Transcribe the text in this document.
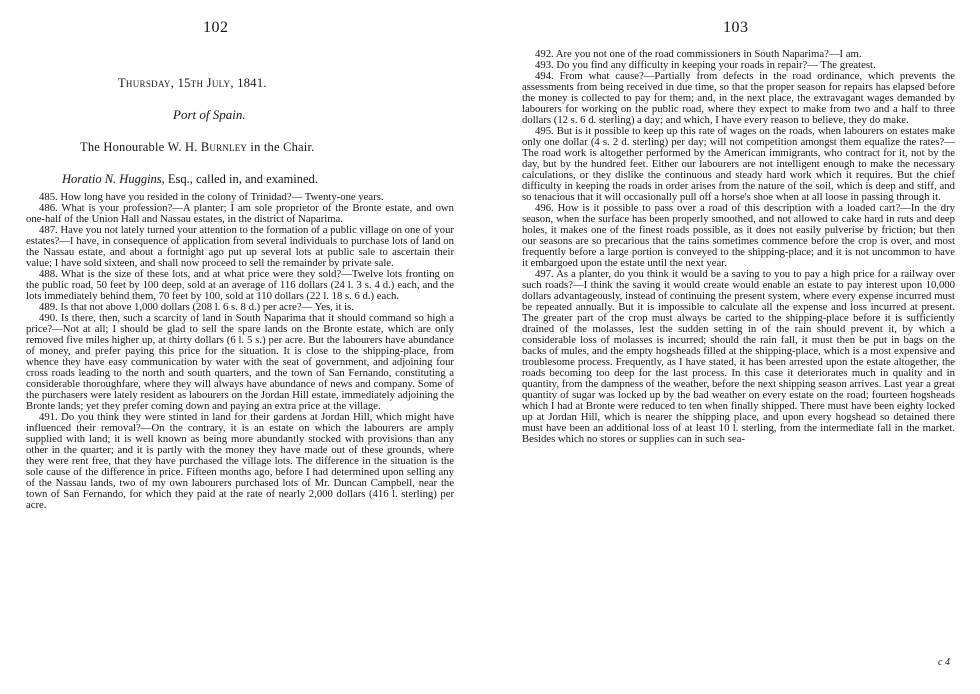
102
Thursday, 15th July, 1841.
Port of Spain.
The Honourable W. H. Burnley in the Chair.
Horatio N. Huggins, Esq., called in, and examined.

485. How long have you resided in the colony of Trinidad?— Twenty-one years.

486. What is your profession?—A planter; I am sole proprietor of the Bronte estate, and own one-half of the Union Hall and Nassau estates, in the district of Naparima.

487. Have you not lately turned your attention to the formation of a public village on one of your estates?—I have, in consequence of application from several individuals to purchase lots of land on the Nassau estate, and about a fortnight ago put up several lots at public sale to ascertain their value; I have sold sixteen, and shall now proceed to sell the remainder by private sale.

488. What is the size of these lots, and at what price were they sold?—Twelve lots fronting on the public road, 50 feet by 100 deep, sold at an average of 116 dollars (24 l. 3 s. 4 d.) each, and the lots immediately behind them, 70 feet by 100, sold at 110 dollars (22 l. 18 s. 6 d.) each.

489. Is that not above 1,000 dollars (208 l. 6 s. 8 d.) per acre?— Yes, it is.

490. Is there, then, such a scarcity of land in South Naparima that it should command so high a price?—Not at all; I should be glad to sell the spare lands on the Bronte estate, which are only removed five miles higher up, at thirty dollars (6 l. 5 s.) per acre. But the labourers have abundance of money, and prefer paying this price for the situation. It is close to the shipping-place, from whence they have easy communication by water with the seat of government, and adjoining four cross roads leading to the north and south quarters, and the town of San Fernando, constituting a considerable thoroughfare, where they will always have abundance of news and company. Some of the purchasers were lately resident as labourers on the Jordan Hill estate, immediately adjoining the Bronte lands; yet they prefer coming down and paying an extra price at the village.

491. Do you think they were stinted in land for their gardens at Jordan Hill, which might have influenced their removal?—On the contrary, it is an estate on which the labourers are amply supplied with land; it is well known as being more abundantly stocked with provisions than any other in the quarter; and it is partly with the money they have made out of these grounds, where they were rent free, that they have purchased the village lots. The difference in the situation is the sole cause of the difference in price. Fifteen months ago, before I had determined upon selling any of the Nassau lands, two of my own labourers purchased lots of Mr. Duncan Campbell, near the town of San Fernando, for which they paid at the rate of nearly 2,000 dollars (416 l. sterling) per acre.

103

492. Are you not one of the road commissioners in South Naparima?—I am.

493. Do you find any difficulty in keeping your roads in repair?— The greatest.

494. From what cause?—Partially from defects in the road ordinance, which prevents the assessments from being received in due time, so that the proper season for repairs has elapsed before the money is collected to pay for them; and, in the next place, the extravagant wages demanded by labourers for working on the public road, where they expect to make from two and a half to three dollars (12 s. 6 d. sterling) a day; and which, I have every reason to believe, they do make.

495. But is it possible to keep up this rate of wages on the roads, when labourers on estates make only one dollar (4 s. 2 d. sterling) per day; will not competition amongst them equalize the rates?—The road work is altogether performed by the American immigrants, who contract for it, not by the day, but by the hundred feet. Either our labourers are not intelligent enough to make the necessary calculations, or they dislike the continuous and steady hard work which it requires. But the chief difficulty in keeping the roads in order arises from the nature of the soil, which is deep and stiff, and so tenacious that it will occasionally pull off a horse's shoe when at all loose in passing through it.

496. How is it possible to pass over a road of this description with a loaded cart?—In the dry season, when the surface has been properly smoothed, and not allowed to cake hard in ruts and deep holes, it makes one of the finest roads possible, as it does not easily pulverise by friction; but then our seasons are so precarious that the rains sometimes commence before the crop is over, and most frequently before a large portion is conveyed to the shipping-place; and it is not uncommon to have it embargoed upon the estate until the next year.

497. As a planter, do you think it would be a saving to you to pay a high price for a railway over such roads?—I think the saving it would create would enable an estate to pay interest upon 10,000 dollars advantageously, instead of continuing the present system, where every expense incurred must be repeated annually. But it is impossible to calculate all the expense and loss incurred at present. The greater part of the crop must always be carted to the shipping-place before it is sufficiently drained of the molasses, lest the sudden setting in of the rain should prevent it, by which a considerable loss of molasses is incurred; should the rain fall, it must then be put in bags on the backs of mules, and the empty hogsheads filled at the shipping-place, which is a most expensive and troublesome process. Frequently, as I have stated, it has been arrested upon the estate altogether, the roads becoming too deep for the last process. In this case it deteriorates much in quality and in quantity, from the dampness of the weather, before the next shipping season arrives. Last year a great quantity of sugar was locked up by the bad weather on every estate on the road; fourteen hogsheads which I had at Bronte were reduced to ten when finally shipped. There must have been eighty locked up at Jordan Hill, which is nearer the shipping place, and upon every hogshead so detained there must have been an additional loss of at least 10 l. sterling, from the intermediate fall in the market. Besides which no stores or supplies can in such sea-

c 4
